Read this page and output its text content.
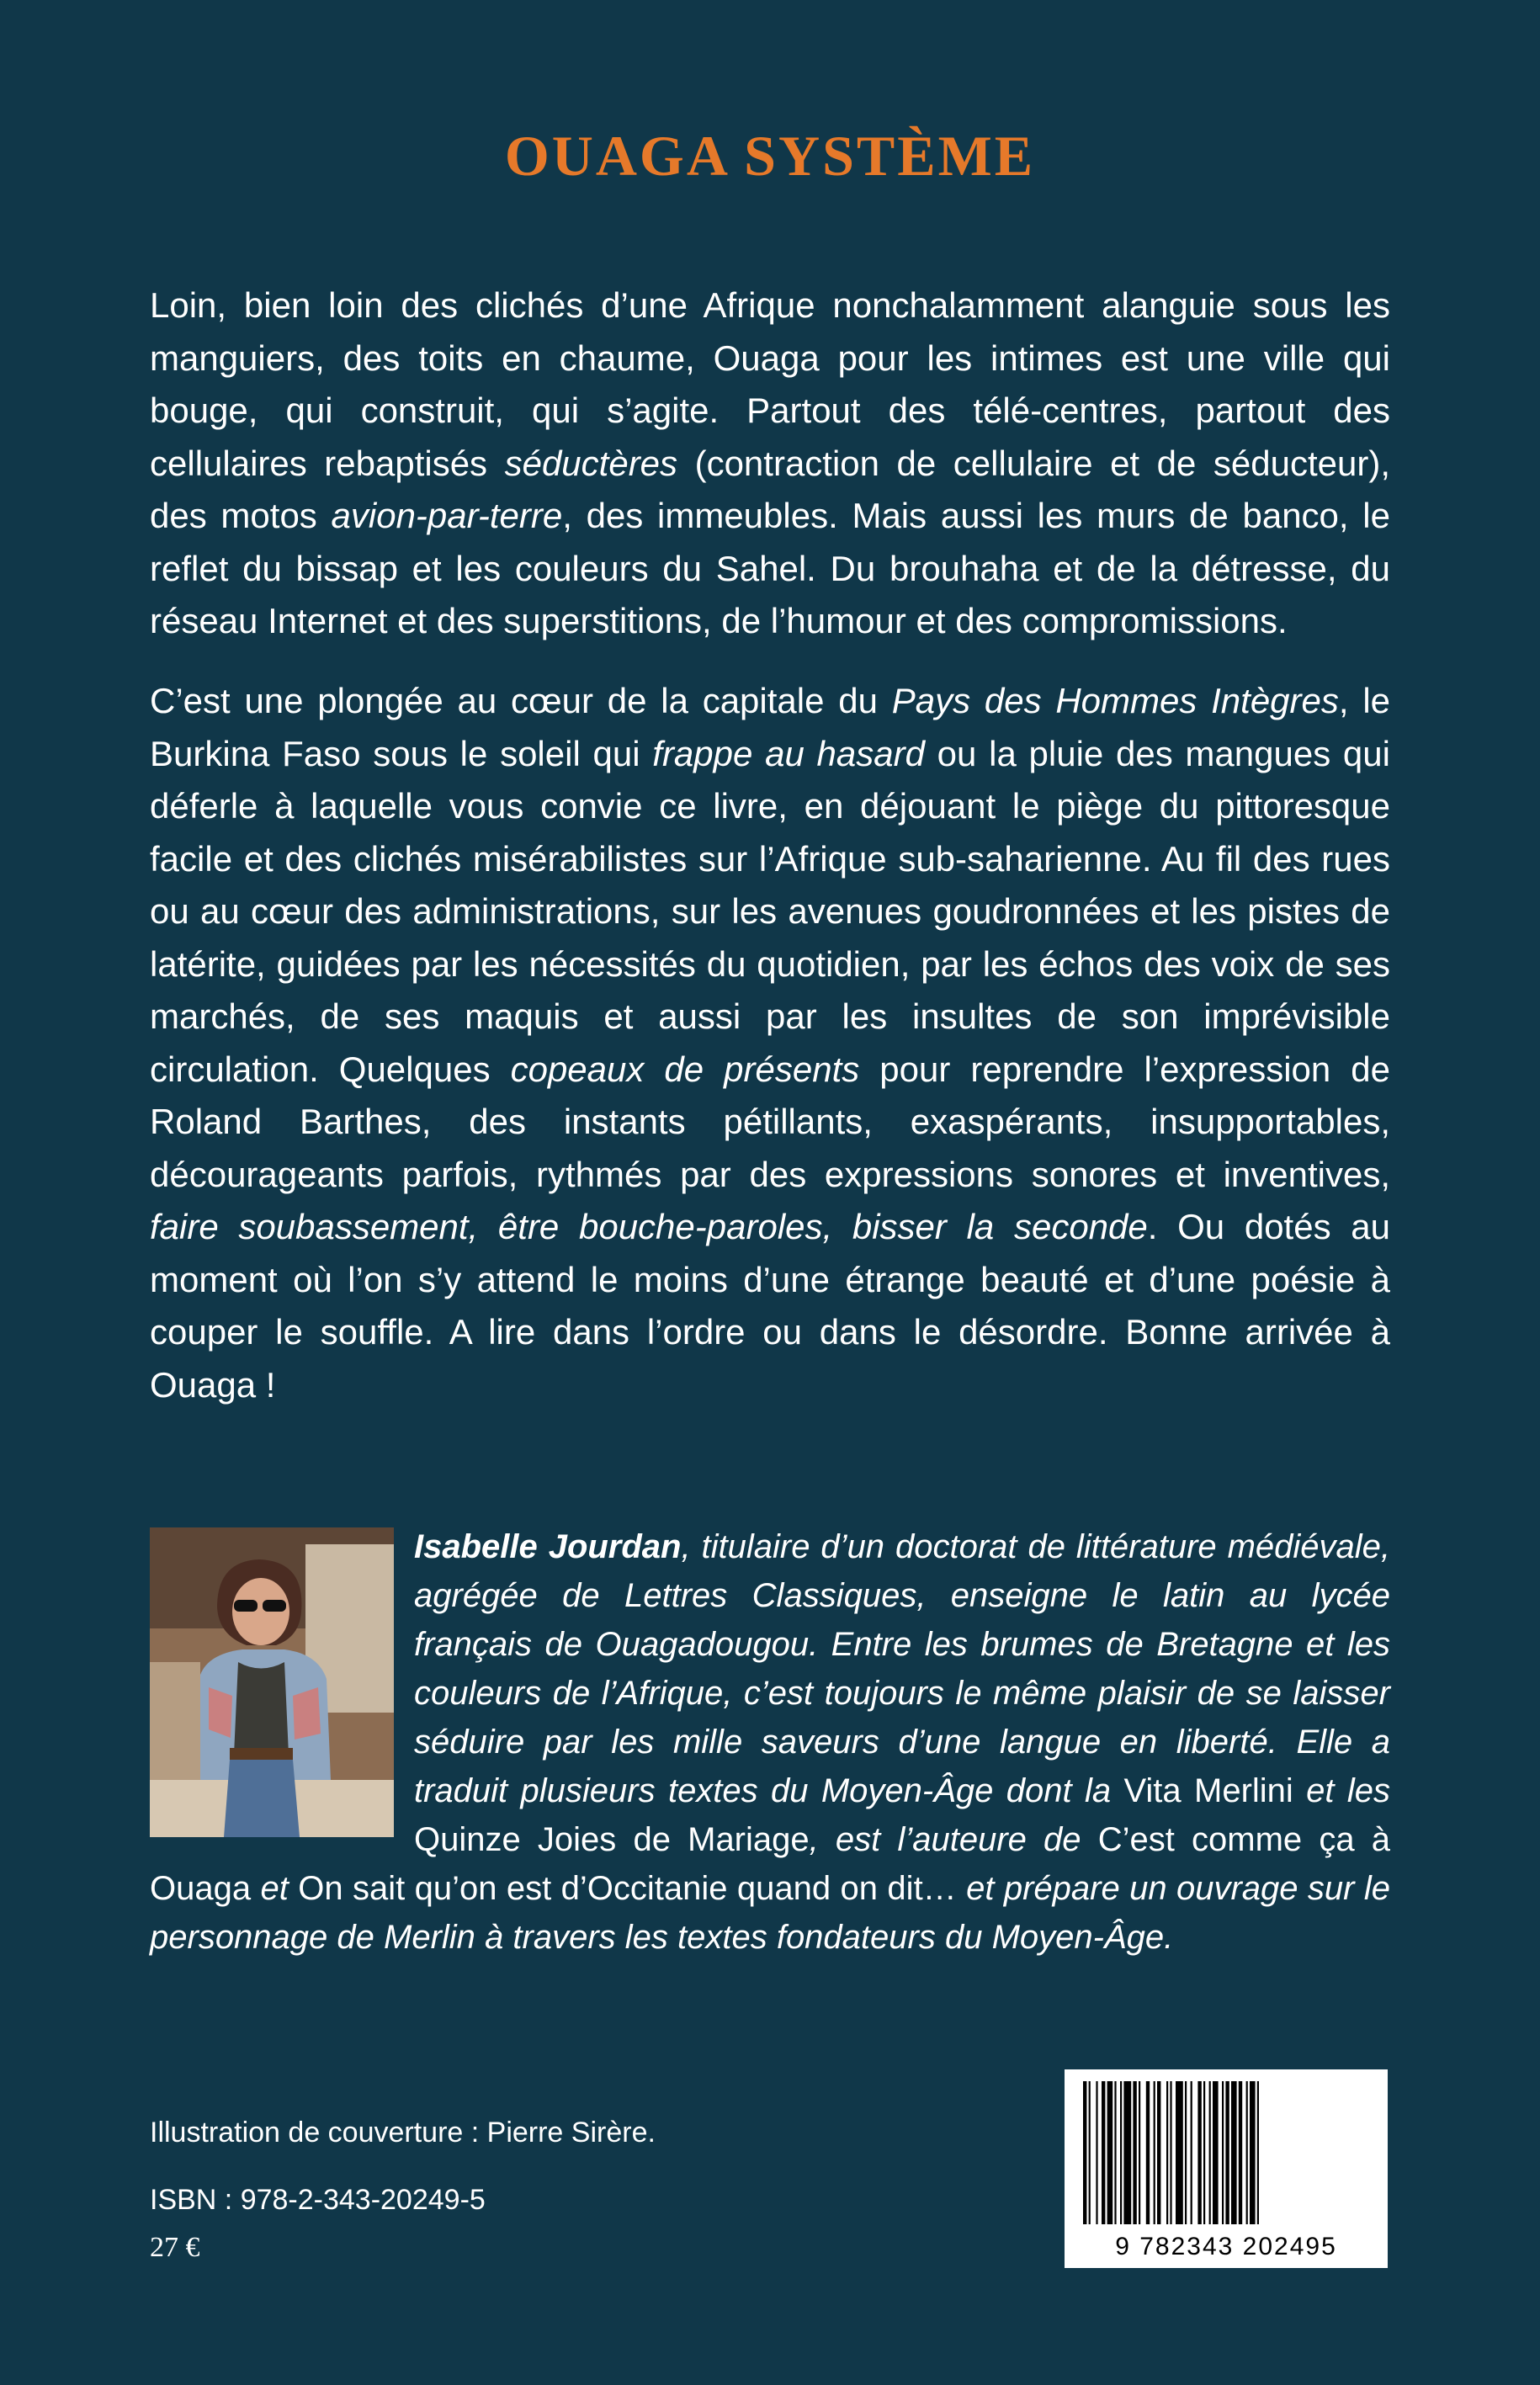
OUAGA SYSTÈME

Loin, bien loin des clichés d’une Afrique nonchalamment alanguie sous les manguiers, des toits en chaume, Ouaga pour les intimes est une ville qui bouge, qui construit, qui s’agite. Partout des télé-centres, partout des cellulaires rebaptisés séductères (contraction de cellulaire et de séducteur), des motos avion-par-terre, des immeubles. Mais aussi les murs de banco, le reflet du bissap et les couleurs du Sahel. Du brouhaha et de la détresse, du réseau Internet et des superstitions, de l’humour et des compromissions.

C’est une plongée au cœur de la capitale du Pays des Hommes Intègres, le Burkina Faso sous le soleil qui frappe au hasard ou la pluie des mangues qui déferle à laquelle vous convie ce livre, en déjouant le piège du pittoresque facile et des clichés misérabilistes sur l’Afrique sub-saharienne. Au fil des rues ou au cœur des administrations, sur les avenues goudronnées et les pistes de latérite, guidées par les nécessités du quotidien, par les échos des voix de ses marchés, de ses maquis et aussi par les insultes de son imprévisible circulation. Quelques copeaux de présents pour reprendre l’expression de Roland Barthes, des instants pétillants, exaspérants, insupportables, décourageants parfois, rythmés par des expressions sonores et inventives, faire soubassement, être bouche-paroles, bisser la seconde. Ou dotés au moment où l’on s’y attend le moins d’une étrange beauté et d’une poésie à couper le souffle. A lire dans l’ordre ou dans le désordre. Bonne arrivée à Ouaga !

Isabelle Jourdan, titulaire d’un doctorat de littérature médiévale, agrégée de Lettres Classiques, enseigne le latin au lycée français de Ouagadougou. Entre les brumes de Bretagne et les couleurs de l’Afrique, c’est toujours le même plaisir de se laisser séduire par les mille saveurs d’une langue en liberté. Elle a traduit plusieurs textes du Moyen-Âge dont la Vita Merlini et les Quinze Joies de Mariage, est l’auteure de C’est comme ça à Ouaga et On sait qu’on est d’Occitanie quand on dit… et prépare un ouvrage sur le personnage de Merlin à travers les textes fondateurs du Moyen-Âge.

Illustration de couverture : Pierre Sirère.

ISBN : 978-2-343-20249-5

27 €	9 782343 202495
